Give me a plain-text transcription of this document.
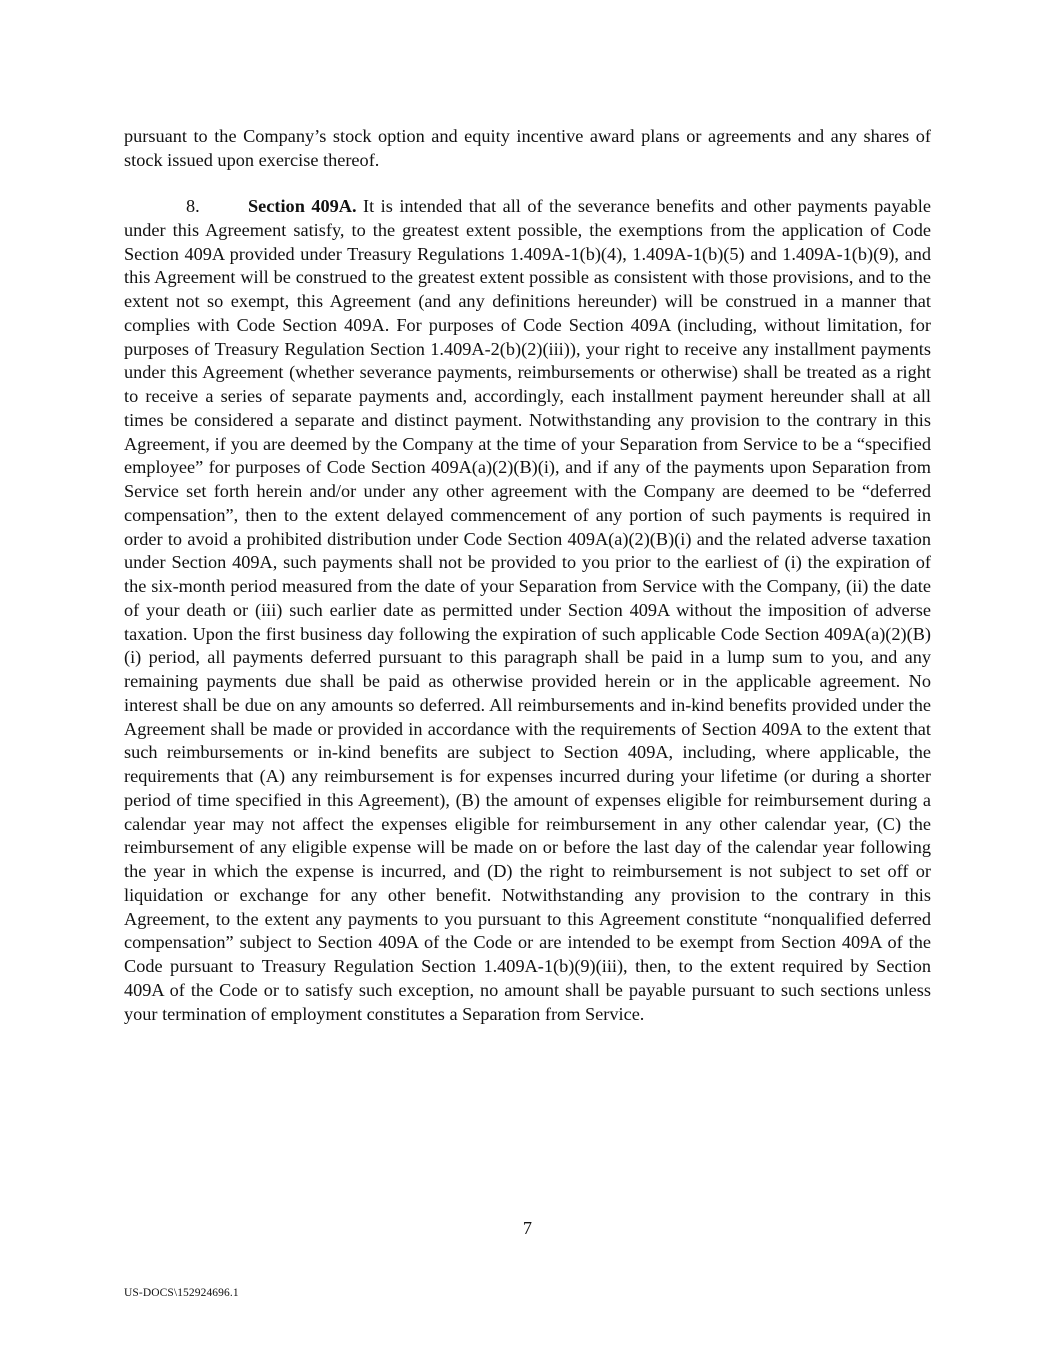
pursuant to the Company’s stock option and equity incentive award plans or agreements and any shares of stock issued upon exercise thereof.

8.	Section 409A. It is intended that all of the severance benefits and other payments payable under this Agreement satisfy, to the greatest extent possible, the exemptions from the application of Code Section 409A provided under Treasury Regulations 1.409A-1(b)(4), 1.409A-1(b)(5) and 1.409A-1(b)(9), and this Agreement will be construed to the greatest extent possible as consistent with those provisions, and to the extent not so exempt, this Agreement (and any definitions hereunder) will be construed in a manner that complies with Code Section 409A. For purposes of Code Section 409A (including, without limitation, for purposes of Treasury Regulation Section 1.409A-2(b)(2)(iii)), your right to receive any installment payments under this Agreement (whether severance payments, reimbursements or otherwise) shall be treated as a right to receive a series of separate payments and, accordingly, each installment payment hereunder shall at all times be considered a separate and distinct payment. Notwithstanding any provision to the contrary in this Agreement, if you are deemed by the Company at the time of your Separation from Service to be a “specified employee” for purposes of Code Section 409A(a)(2)(B)(i), and if any of the payments upon Separation from Service set forth herein and/or under any other agreement with the Company are deemed to be “deferred compensation”, then to the extent delayed commencement of any portion of such payments is required in order to avoid a prohibited distribution under Code Section 409A(a)(2)(B)(i) and the related adverse taxation under Section 409A, such payments shall not be provided to you prior to the earliest of (i) the expiration of the six-month period measured from the date of your Separation from Service with the Company, (ii) the date of your death or (iii) such earlier date as permitted under Section 409A without the imposition of adverse taxation. Upon the first business day following the expiration of such applicable Code Section 409A(a)(2)(B)(i) period, all payments deferred pursuant to this paragraph shall be paid in a lump sum to you, and any remaining payments due shall be paid as otherwise provided herein or in the applicable agreement. No interest shall be due on any amounts so deferred. All reimbursements and in-kind benefits provided under the Agreement shall be made or provided in accordance with the requirements of Section 409A to the extent that such reimbursements or in-kind benefits are subject to Section 409A, including, where applicable, the requirements that (A) any reimbursement is for expenses incurred during your lifetime (or during a shorter period of time specified in this Agreement), (B) the amount of expenses eligible for reimbursement during a calendar year may not affect the expenses eligible for reimbursement in any other calendar year, (C) the reimbursement of any eligible expense will be made on or before the last day of the calendar year following the year in which the expense is incurred, and (D) the right to reimbursement is not subject to set off or liquidation or exchange for any other benefit. Notwithstanding any provision to the contrary in this Agreement, to the extent any payments to you pursuant to this Agreement constitute “nonqualified deferred compensation” subject to Section 409A of the Code or are intended to be exempt from Section 409A of the Code pursuant to Treasury Regulation Section 1.409A-1(b)(9)(iii), then, to the extent required by Section 409A of the Code or to satisfy such exception, no amount shall be payable pursuant to such sections unless your termination of employment constitutes a Separation from Service.

7
US-DOCS\152924696.1
